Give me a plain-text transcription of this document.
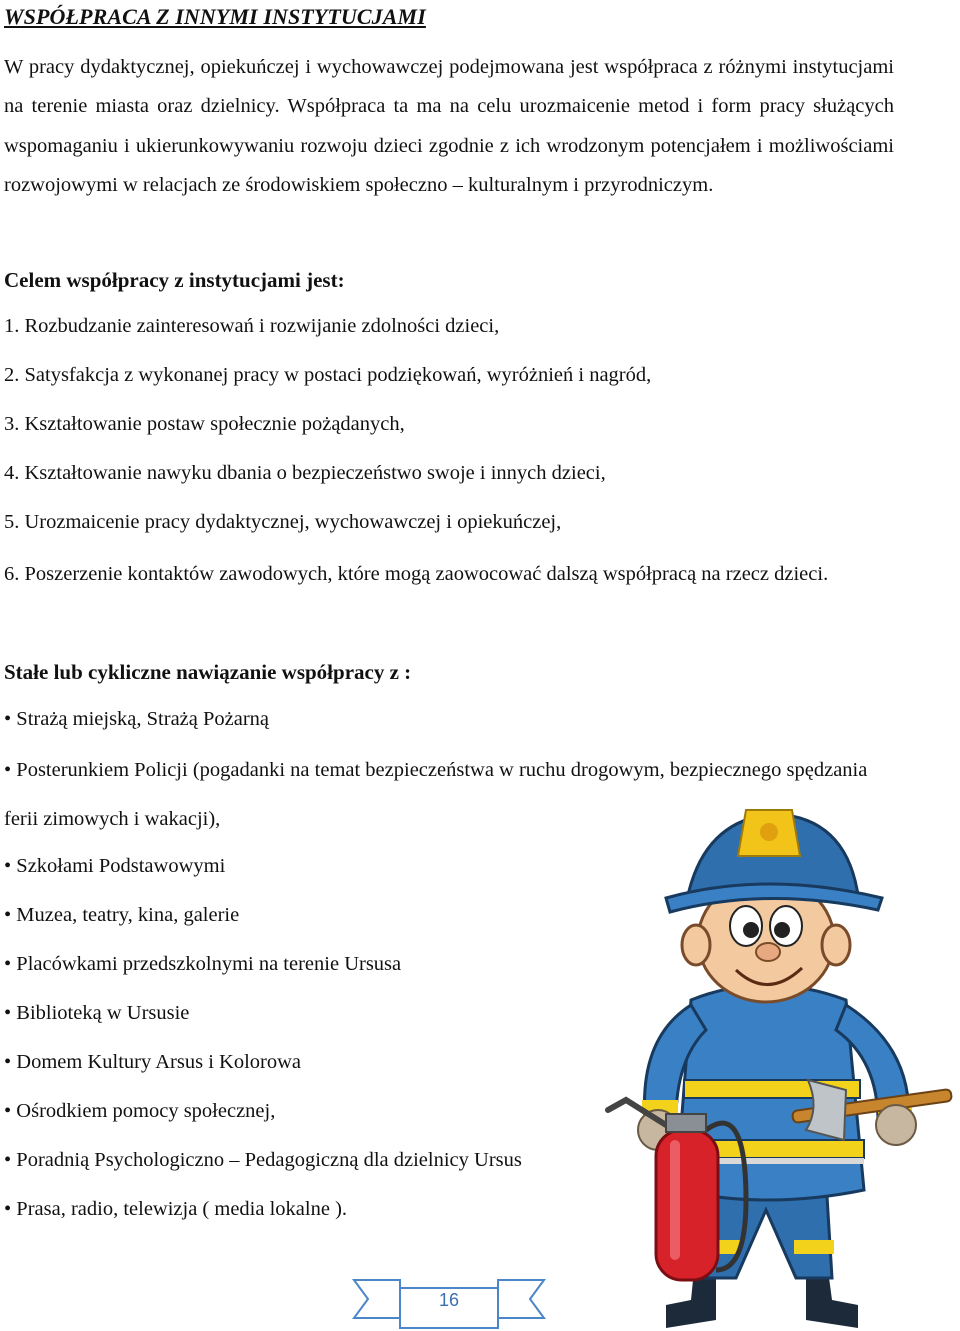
WSPÓŁPRACA Z INNYMI INSTYTUCJAMI

W pracy dydaktycznej, opiekuńczej i wychowawczej podejmowana jest współpraca z różnymi instytucjami na terenie miasta oraz dzielnicy. Współpraca ta ma na celu urozmaicenie metod i form pracy służących wspomaganiu i ukierunkowywaniu rozwoju dzieci zgodnie z ich wrodzonym potencjałem i możliwościami rozwojowymi w relacjach ze środowiskiem społeczno – kulturalnym i przyrodniczym.

Celem współpracy z instytucjami jest:

1. Rozbudzanie zainteresowań i rozwijanie zdolności dzieci,

2. Satysfakcja z wykonanej pracy w postaci podziękowań, wyróżnień i nagród,

3. Kształtowanie postaw społecznie pożądanych,

4. Kształtowanie nawyku dbania o bezpieczeństwo swoje i innych dzieci,

5. Urozmaicenie pracy dydaktycznej, wychowawczej i opiekuńczej,

6. Poszerzenie kontaktów zawodowych, które mogą zaowocować dalszą współpracą na rzecz dzieci.

Stałe lub cykliczne nawiązanie współpracy z :

• Strażą miejską, Strażą Pożarną

• Posterunkiem Policji (pogadanki na temat bezpieczeństwa w ruchu drogowym, bezpiecznego spędzania ferii zimowych i wakacji),

• Szkołami Podstawowymi

• Muzea, teatry, kina, galerie

• Placówkami przedszkolnymi na terenie Ursusa

• Biblioteką w Ursusie

• Domem Kultury Arsus i Kolorowa

• Ośrodkiem pomocy społecznej,

• Poradnią Psychologiczno – Pedagogiczną dla dzielnicy Ursus

• Prasa, radio, telewizja ( media lokalne ).

16
